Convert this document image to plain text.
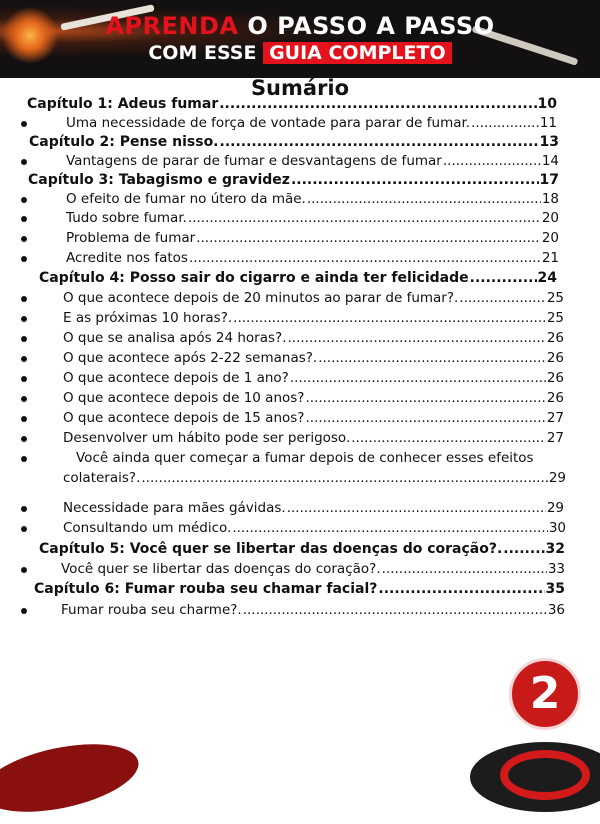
APRENDA O PASSO A PASSO
COM ESSE GUIA COMPLETO
Sumário
Capítulo 1: Adeus fumar .....	10
Uma necessidade de força de vontade para parar de fumar. .....	11
Capítulo 2: Pense nisso. .....	13
Vantagens de parar de fumar e desvantagens de fumar .....	14
Capítulo 3: Tabagismo e gravidez .....	17
O efeito de fumar no útero da mãe. .....	18
Tudo sobre fumar. .....	20
Problema de fumar .....	20
Acredite nos fatos .....	21
Capítulo 4: Posso sair do cigarro e ainda ter felicidade .....	24
O que acontece depois de 20 minutos ao parar de fumar?. .....	25
E as próximas 10 horas?. .....	25
O que se analisa após 24 horas?. .....	26
O que acontece após 2-22 semanas?. .....	26
O que acontece depois de 1 ano? .....	26
O que acontece depois de 10 anos? .....	26
O que acontece depois de 15 anos? .....	27
Desenvolver um hábito pode ser perigoso. .....	27
Você ainda quer começar a fumar depois de conhecer esses efeitos
colaterais?. .....	29
Necessidade para mães gávidas. .....	29
Consultando um médico. .....	30
Capítulo 5: Você quer se libertar das doenças do coração?. .....	32
Você quer se libertar das doenças do coração?. .....	33
Capítulo 6: Fumar rouba seu chamar facial? .....	35
Fumar rouba seu charme?. .....	36
2
